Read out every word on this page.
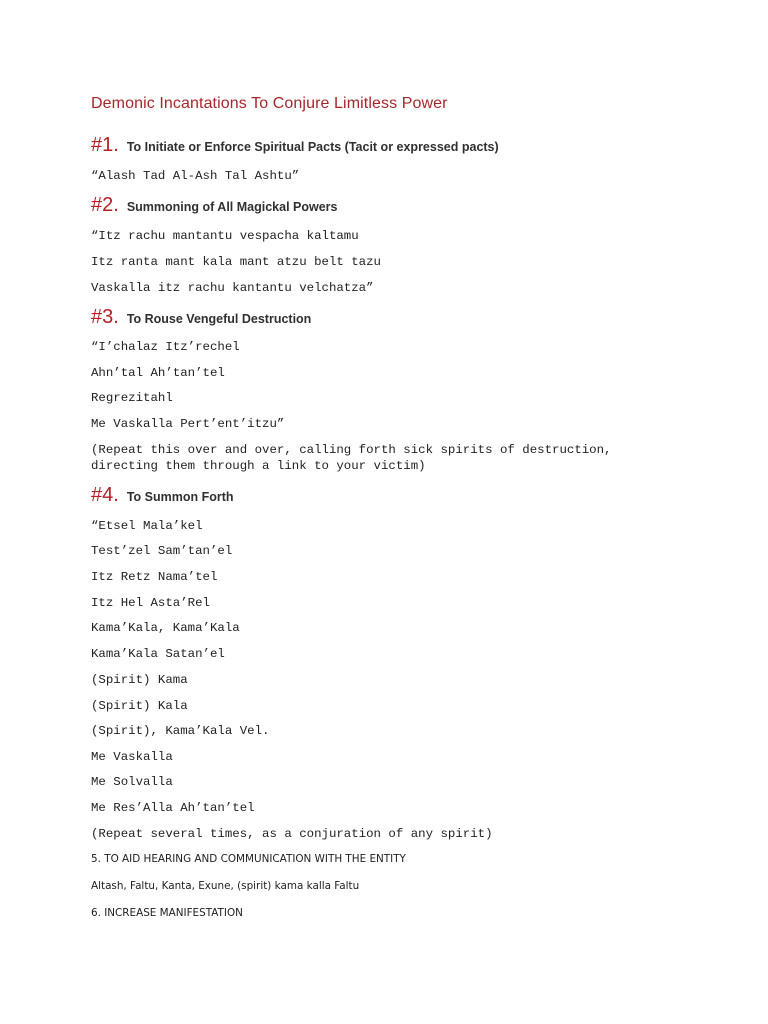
Demonic Incantations To Conjure Limitless Power
#1. To Initiate or Enforce Spiritual Pacts (Tacit or expressed pacts)
“Alash Tad Al-Ash Tal Ashtu”
#2. Summoning of All Magickal Powers
“Itz rachu mantantu vespacha kaltamu
Itz ranta mant kala mant atzu belt tazu
Vaskalla itz rachu kantantu velchatza”
#3. To Rouse Vengeful Destruction
“I’chalaz Itz’rechel
Ahn’tal Ah’tan’tel
Regrezitahl
Me Vaskalla Pert’ent’itzu”
(Repeat this over and over, calling forth sick spirits of destruction,
directing them through a link to your victim)
#4. To Summon Forth
“Etsel Mala’kel
Test’zel Sam’tan’el
Itz Retz Nama’tel
Itz Hel Asta’Rel
Kama’Kala, Kama’Kala
Kama’Kala Satan’el
(Spirit) Kama
(Spirit) Kala
(Spirit), Kama’Kala Vel.
Me Vaskalla
Me Solvalla
Me Res’Alla Ah’tan’tel
(Repeat several times, as a conjuration of any spirit)
5. TO AID HEARING AND COMMUNICATION WITH THE ENTITY
Altash, Faltu, Kanta, Exune, (spirit) kama kalla Faltu
6. INCREASE MANIFESTATION
